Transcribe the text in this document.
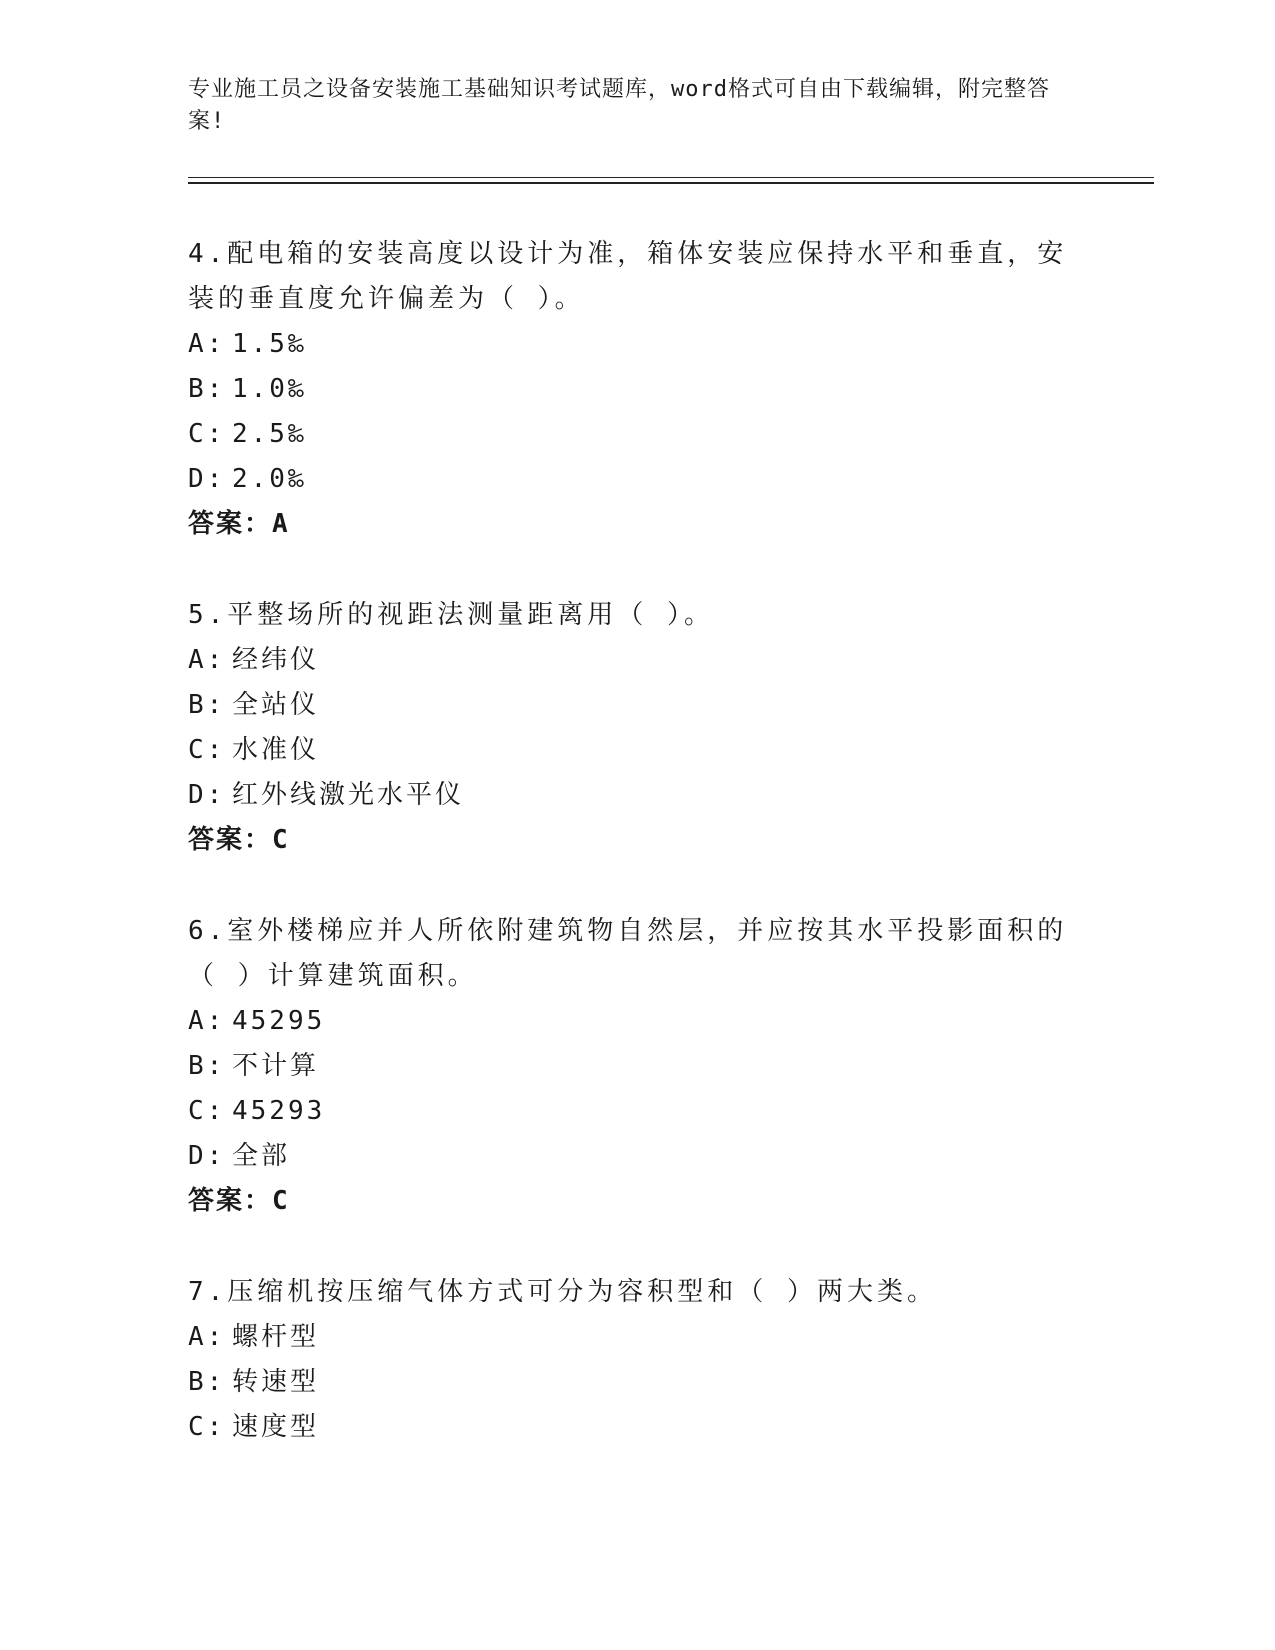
专业施工员之设备安装施工基础知识考试题库，word格式可自由下载编辑，附完整答案!

4.配电箱的安装高度以设计为准，箱体安装应保持水平和垂直，安装的垂直度允许偏差为（ ）。

A: 1.5‰

B: 1.0‰

C: 2.5‰

D: 2.0‰

答案：A

5.平整场所的视距法测量距离用（ ）。

A: 经纬仪

B: 全站仪

C: 水准仪

D: 红外线激光水平仪

答案：C

6.室外楼梯应并人所依附建筑物自然层，并应按其水平投影面积的（ ）计算建筑面积。

A: 45295

B: 不计算

C: 45293

D: 全部

答案：C

7.压缩机按压缩气体方式可分为容积型和（ ）两大类。

A: 螺杆型

B: 转速型

C: 速度型
